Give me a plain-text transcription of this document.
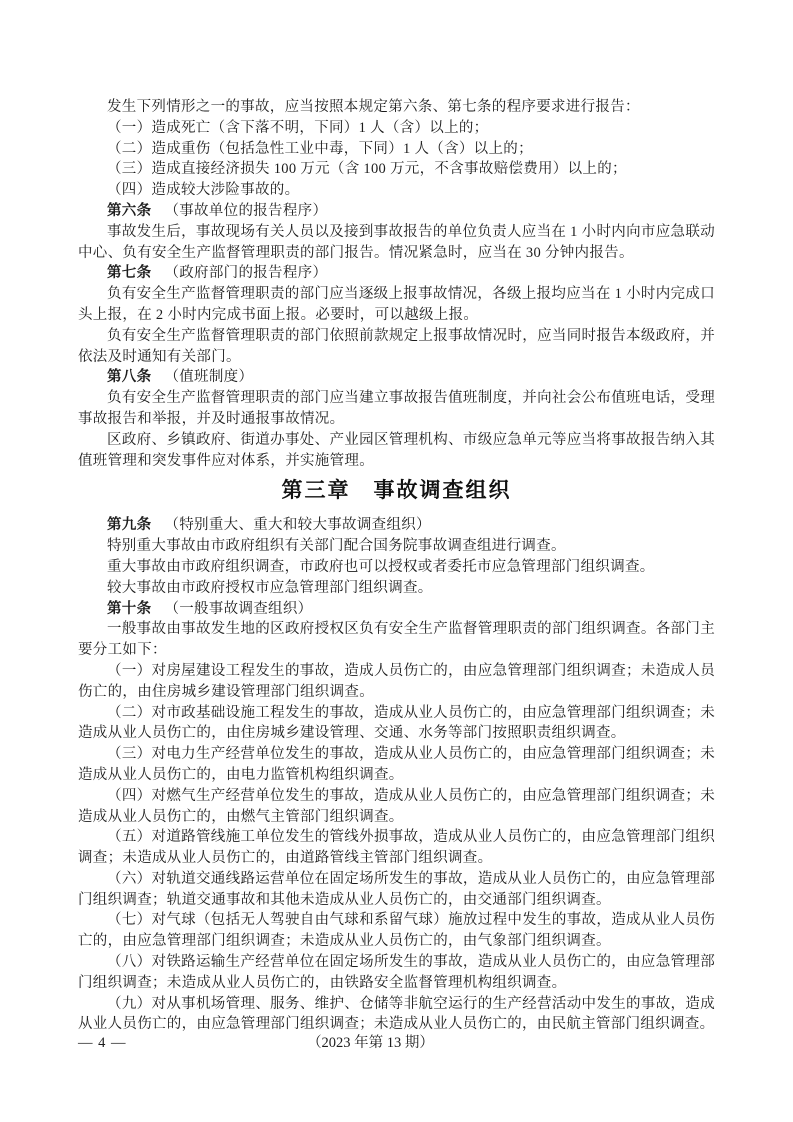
发生下列情形之一的事故，应当按照本规定第六条、第七条的程序要求进行报告：

（一）造成死亡（含下落不明，下同）1 人（含）以上的；

（二）造成重伤（包括急性工业中毒，下同）1 人（含）以上的；

（三）造成直接经济损失 100 万元（含 100 万元，不含事故赔偿费用）以上的；

（四）造成较大涉险事故的。

第六条 （事故单位的报告程序）

事故发生后，事故现场有关人员以及接到事故报告的单位负责人应当在 1 小时内向市应急联动中心、负有安全生产监督管理职责的部门报告。情况紧急时，应当在 30 分钟内报告。

第七条 （政府部门的报告程序）

负有安全生产监督管理职责的部门应当逐级上报事故情况，各级上报均应当在 1 小时内完成口头上报，在 2 小时内完成书面上报。必要时，可以越级上报。

负有安全生产监督管理职责的部门依照前款规定上报事故情况时，应当同时报告本级政府，并依法及时通知有关部门。

第八条 （值班制度）

负有安全生产监督管理职责的部门应当建立事故报告值班制度，并向社会公布值班电话，受理事故报告和举报，并及时通报事故情况。

区政府、乡镇政府、街道办事处、产业园区管理机构、市级应急单元等应当将事故报告纳入其值班管理和突发事件应对体系，并实施管理。

第三章　事故调查组织

第九条 （特别重大、重大和较大事故调查组织）

特别重大事故由市政府组织有关部门配合国务院事故调查组进行调查。

重大事故由市政府组织调查，市政府也可以授权或者委托市应急管理部门组织调查。

较大事故由市政府授权市应急管理部门组织调查。

第十条 （一般事故调查组织）

一般事故由事故发生地的区政府授权区负有安全生产监督管理职责的部门组织调查。各部门主要分工如下：

（一）对房屋建设工程发生的事故，造成人员伤亡的，由应急管理部门组织调查；未造成人员伤亡的，由住房城乡建设管理部门组织调查。

（二）对市政基础设施工程发生的事故，造成从业人员伤亡的，由应急管理部门组织调查；未造成从业人员伤亡的，由住房城乡建设管理、交通、水务等部门按照职责组织调查。

（三）对电力生产经营单位发生的事故，造成从业人员伤亡的，由应急管理部门组织调查；未造成从业人员伤亡的，由电力监管机构组织调查。

（四）对燃气生产经营单位发生的事故，造成从业人员伤亡的，由应急管理部门组织调查；未造成从业人员伤亡的，由燃气主管部门组织调查。

（五）对道路管线施工单位发生的管线外损事故，造成从业人员伤亡的，由应急管理部门组织调查；未造成从业人员伤亡的，由道路管线主管部门组织调查。

（六）对轨道交通线路运营单位在固定场所发生的事故，造成从业人员伤亡的，由应急管理部门组织调查；轨道交通事故和其他未造成从业人员伤亡的，由交通部门组织调查。

（七）对气球（包括无人驾驶自由气球和系留气球）施放过程中发生的事故，造成从业人员伤亡的，由应急管理部门组织调查；未造成从业人员伤亡的，由气象部门组织调查。

（八）对铁路运输生产经营单位在固定场所发生的事故，造成从业人员伤亡的，由应急管理部门组织调查；未造成从业人员伤亡的，由铁路安全监督管理机构组织调查。

（九）对从事机场管理、服务、维护、仓储等非航空运行的生产经营活动中发生的事故，造成从业人员伤亡的，由应急管理部门组织调查；未造成从业人员伤亡的，由民航主管部门组织调查。

— 4 —	（2023 年第 13 期）
